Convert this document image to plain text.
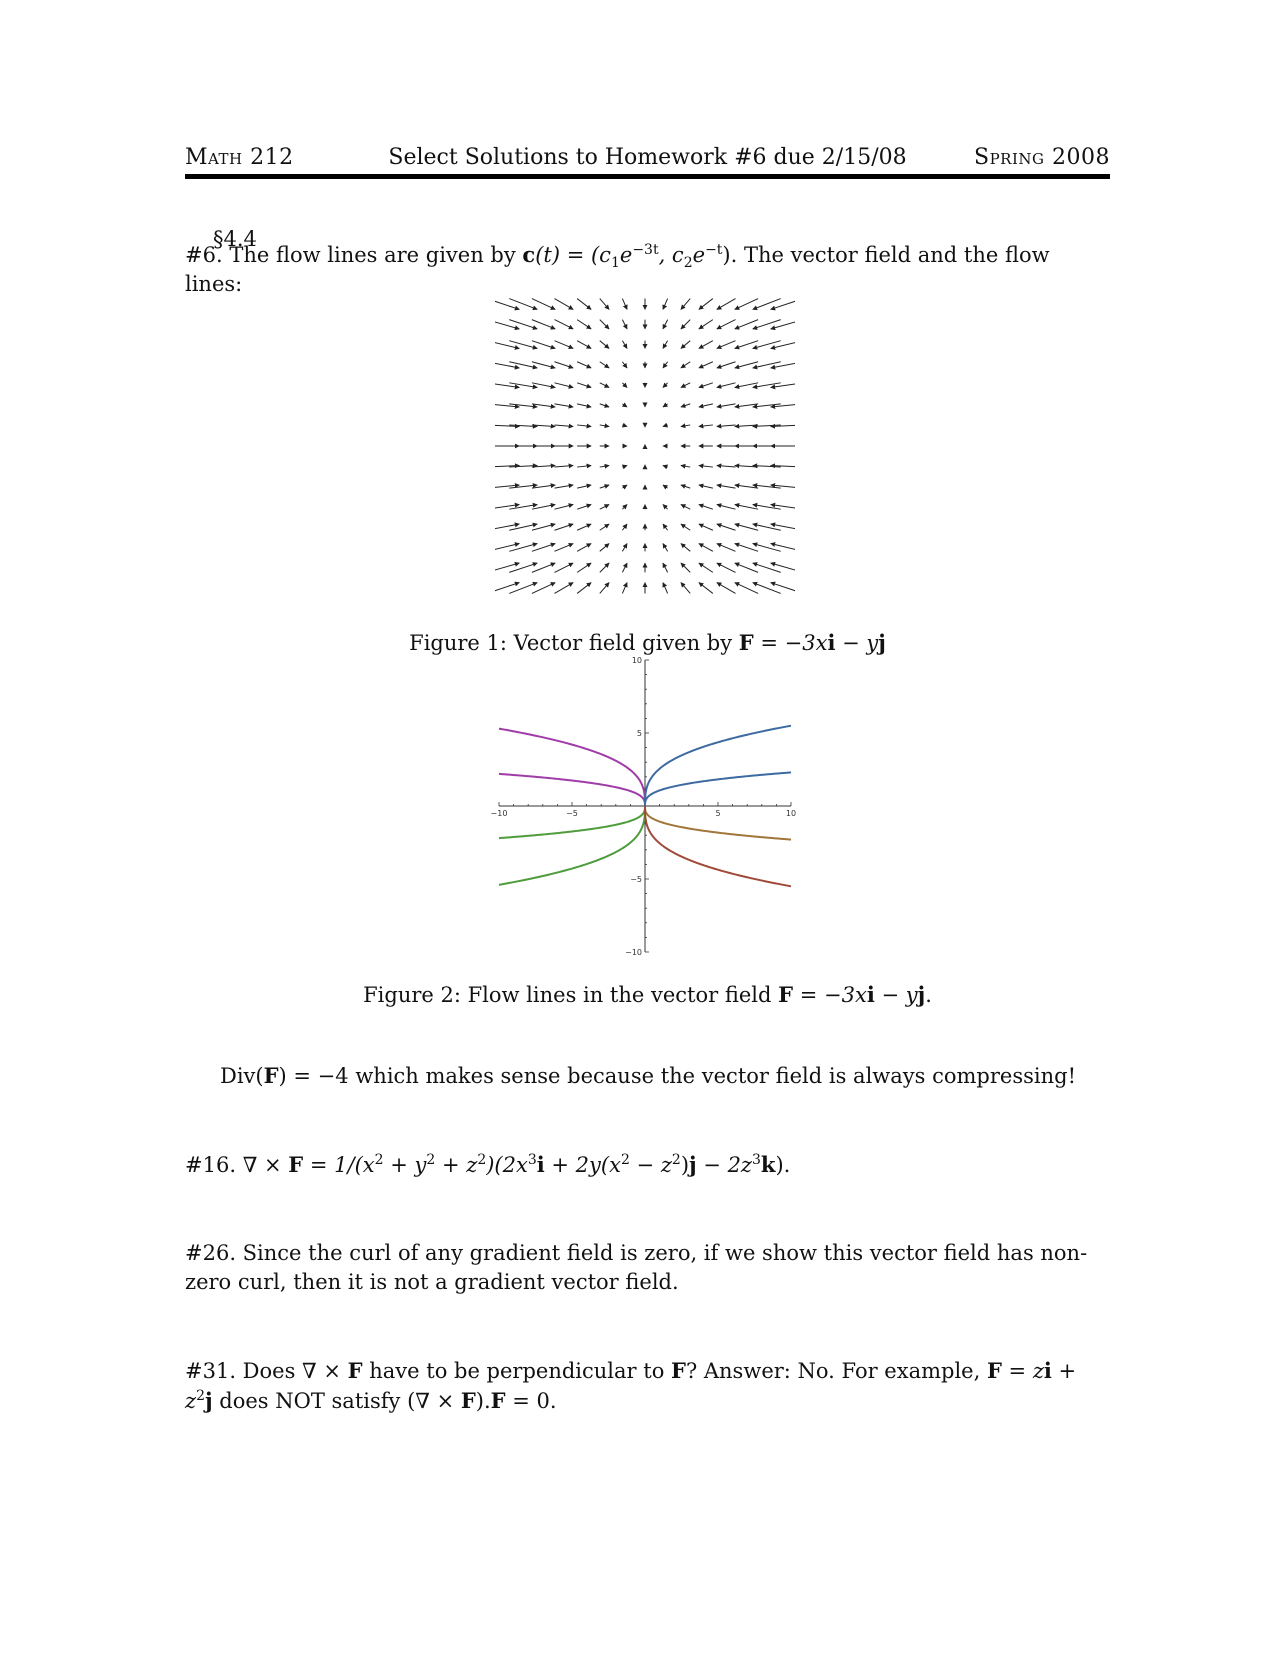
Math 212	Select Solutions to Homework #6 due 2/15/08	Spring 2008
§4.4
#6. The flow lines are given by $c(t) = (c_1e^{-3t}$, $c_2e^{-t}$). The vector field and the flow lines:
Figure 1: Vector field given by F = −3xi − yj
−10	−5	5	10
10
5
−5
−10
Figure 2: Flow lines in the vector field F = −3xi − yj.
Div(F) = −4 which makes sense because the vector field is always compressing!
#16. ∇ × $F = 1/(x^2 + y^2 + z^2)(2x^3i + 2y(x^2 - z^2)j - 2z^3k)$.
#26. Since the curl of any gradient field is zero, if we show this vector field has non-zero curl, then it is not a gradient vector field.
#31. Does ∇ × F have to be perpendicular to F? Answer: No. For example, F = zi + $z^2j$ does NOT satisfy (∇ × F).F = 0.
